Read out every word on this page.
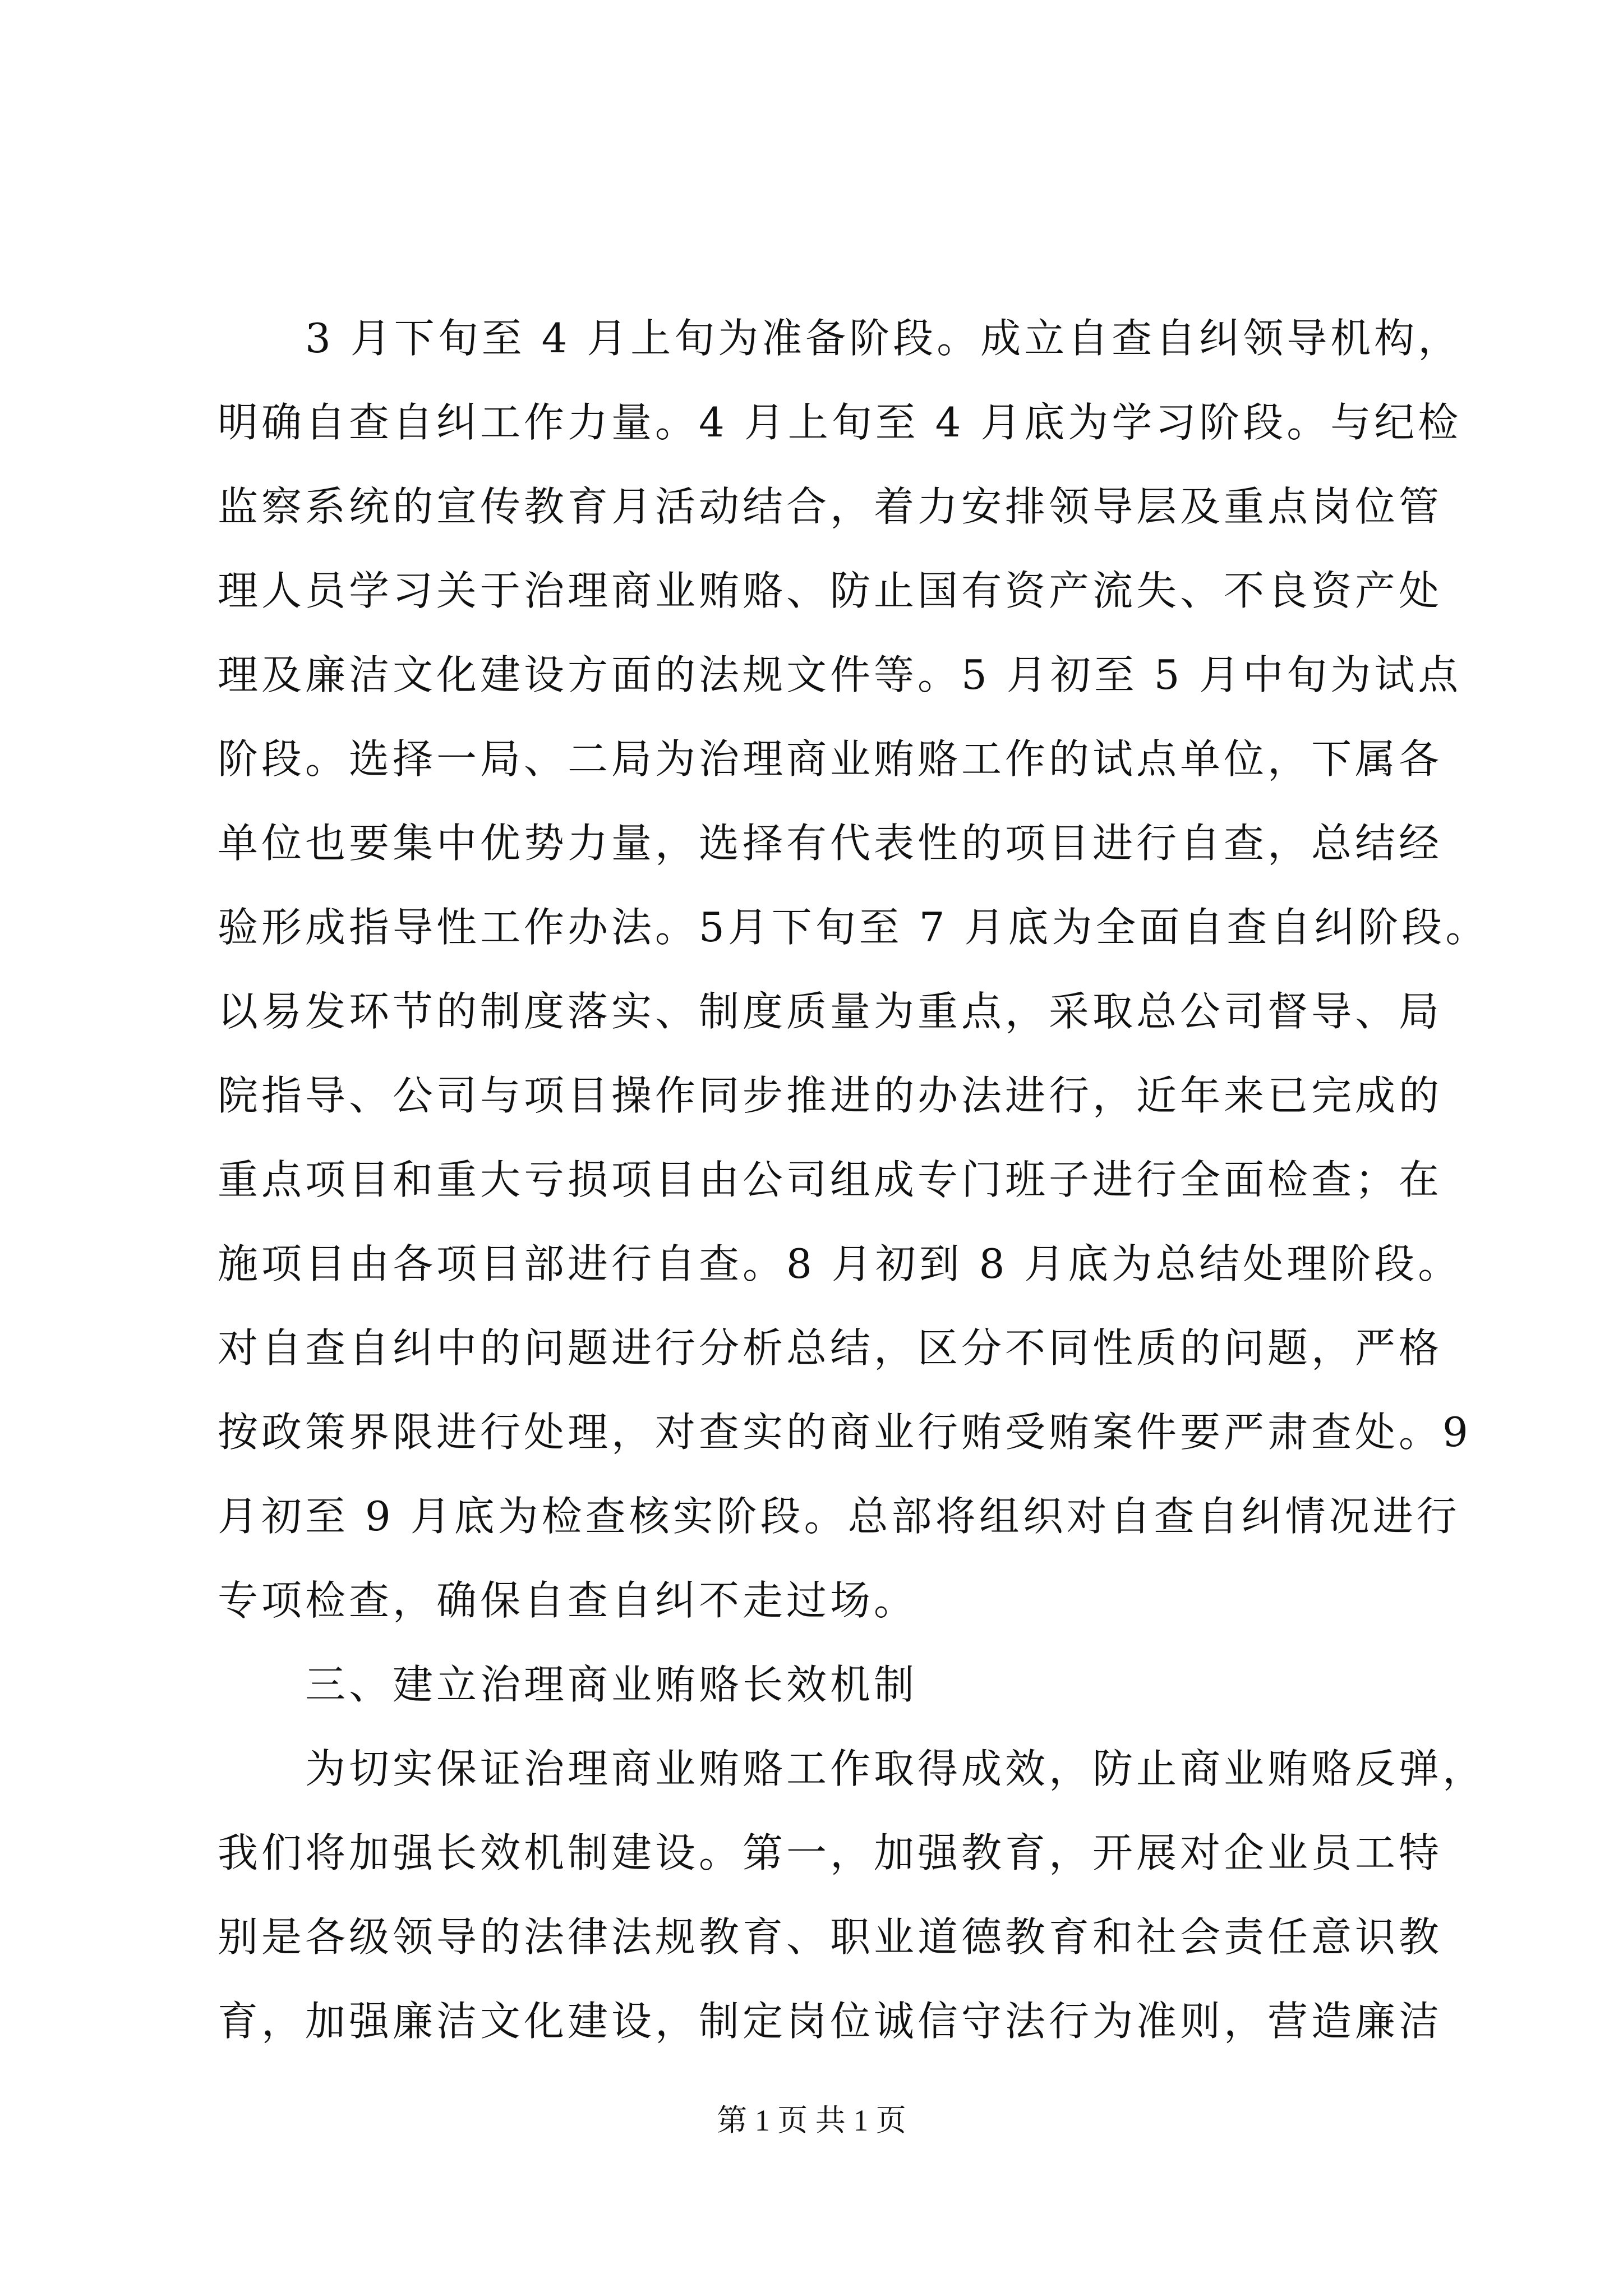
　　3 月下旬至 4 月上旬为准备阶段。成立自查自纠领导机构，
明确自查自纠工作力量。4 月上旬至 4 月底为学习阶段。与纪检
监察系统的宣传教育月活动结合，着力安排领导层及重点岗位管
理人员学习关于治理商业贿赂、防止国有资产流失、不良资产处
理及廉洁文化建设方面的法规文件等。5 月初至 5 月中旬为试点
阶段。选择一局、二局为治理商业贿赂工作的试点单位，下属各
单位也要集中优势力量，选择有代表性的项目进行自查，总结经
验形成指导性工作办法。5月下旬至 7 月底为全面自查自纠阶段。
以易发环节的制度落实、制度质量为重点，采取总公司督导、局
院指导、公司与项目操作同步推进的办法进行，近年来已完成的
重点项目和重大亏损项目由公司组成专门班子进行全面检查；在
施项目由各项目部进行自查。8 月初到 8 月底为总结处理阶段。
对自查自纠中的问题进行分析总结，区分不同性质的问题，严格
按政策界限进行处理，对查实的商业行贿受贿案件要严肃查处。9
月初至 9 月底为检查核实阶段。总部将组织对自查自纠情况进行
专项检查，确保自查自纠不走过场。
　　三、建立治理商业贿赂长效机制
　　为切实保证治理商业贿赂工作取得成效，防止商业贿赂反弹，
我们将加强长效机制建设。第一，加强教育，开展对企业员工特
别是各级领导的法律法规教育、职业道德教育和社会责任意识教
育，加强廉洁文化建设，制定岗位诚信守法行为准则，营造廉洁
第 1 页 共 1 页
